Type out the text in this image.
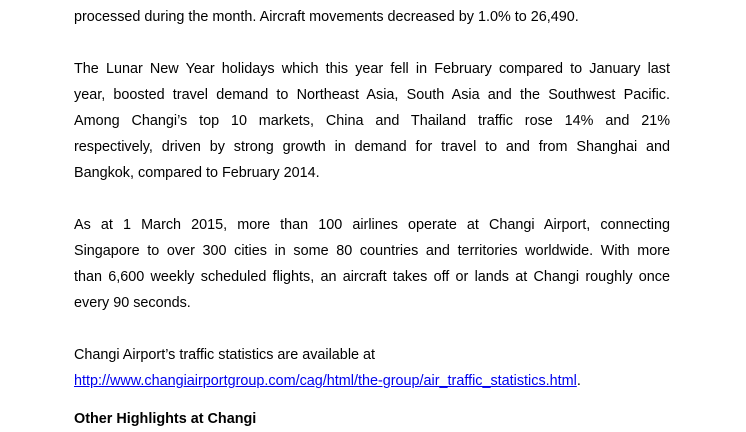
processed during the month. Aircraft movements decreased by 1.0% to 26,490.
The Lunar New Year holidays which this year fell in February compared to January last
year, boosted travel demand to Northeast Asia, South Asia and the Southwest Pacific.
Among Changi’s top 10 markets, China and Thailand traffic rose 14% and 21%
respectively, driven by strong growth in demand for travel to and from Shanghai and
Bangkok, compared to February 2014.
As at 1 March 2015, more than 100 airlines operate at Changi Airport, connecting
Singapore to over 300 cities in some 80 countries and territories worldwide. With more
than 6,600 weekly scheduled flights, an aircraft takes off or lands at Changi roughly once
every 90 seconds.
Changi Airport’s traffic statistics are available at
http://www.changiairportgroup.com/cag/html/the-group/air_traffic_statistics.html.
Other Highlights at Changi
